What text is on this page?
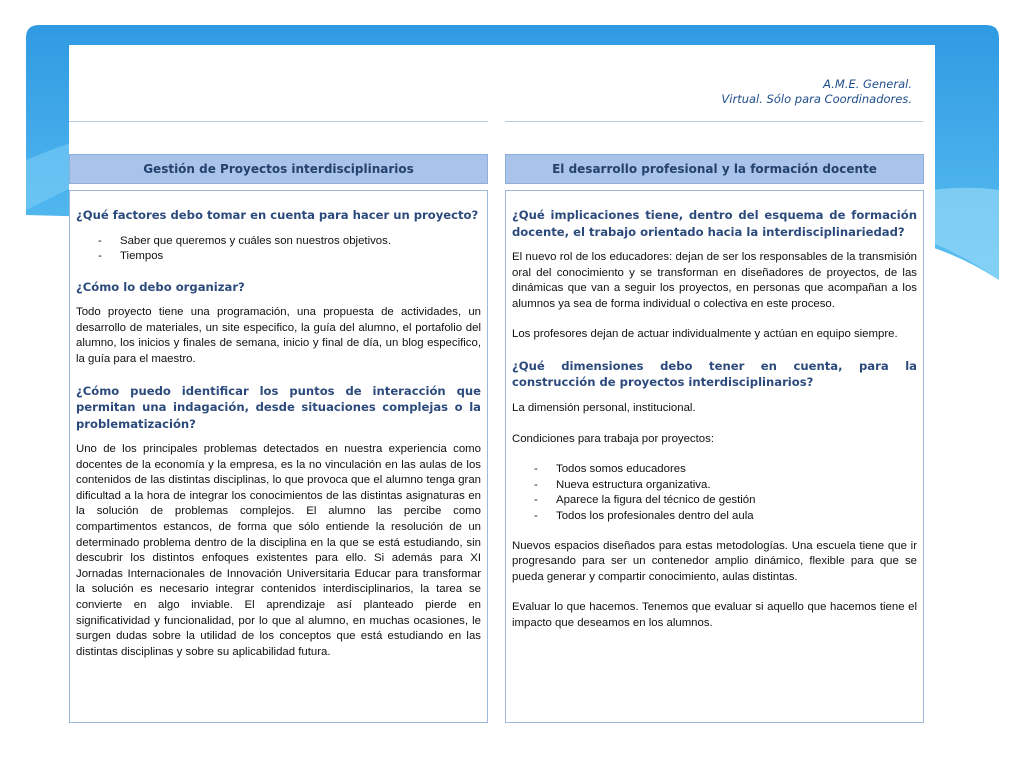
A.M.E. General.
Virtual. Sólo para Coordinadores.
Gestión de Proyectos interdisciplinarios
¿Qué factores debo tomar en cuenta para hacer un proyecto?
- Saber que queremos y cuáles son nuestros objetivos.
- Tiempos
¿Cómo lo debo organizar?

Todo proyecto tiene una programación, una propuesta de actividades, un desarrollo de materiales, un site especifico, la guía del alumno, el portafolio del alumno, los inicios y finales de semana, inicio y final de día, un blog especifico, la guía para el maestro.

¿Cómo puedo identificar los puntos de interacción que permitan una indagación, desde situaciones complejas o la problematización?

Uno de los principales problemas detectados en nuestra experiencia como docentes de la economía y la empresa, es la no vinculación en las aulas de los contenidos de las distintas disciplinas, lo que provoca que el alumno tenga gran dificultad a la hora de integrar los conocimientos de las distintas asignaturas en la solución de problemas complejos. El alumno las percibe como compartimentos estancos, de forma que sólo entiende la resolución de un determinado problema dentro de la disciplina en la que se está estudiando, sin descubrir los distintos enfoques existentes para ello. Si además para XI Jornadas Internacionales de Innovación Universitaria Educar para transformar la solución es necesario integrar contenidos interdisciplinarios, la tarea se convierte en algo inviable. El aprendizaje así planteado pierde en significatividad y funcionalidad, por lo que al alumno, en muchas ocasiones, le surgen dudas sobre la utilidad de los conceptos que está estudiando en las distintas disciplinas y sobre su aplicabilidad futura.

El desarrollo profesional y la formación docente
¿Qué implicaciones tiene, dentro del esquema de formación docente, el trabajo orientado hacia la interdisciplinariedad?

El nuevo rol de los educadores: dejan de ser los responsables de la transmisión oral del conocimiento y se transforman en diseñadores de proyectos, de las dinámicas que van a seguir los proyectos, en personas que acompañan a los alumnos ya sea de forma individual o colectiva en este proceso.

Los profesores dejan de actuar individualmente y actúan en equipo siempre.

¿Qué dimensiones debo tener en cuenta, para la construcción de proyectos interdisciplinarios?

La dimensión personal, institucional.

Condiciones para trabaja por proyectos:

- Todos somos educadores
- Nueva estructura organizativa.
- Aparece la figura del técnico de gestión
- Todos los profesionales dentro del aula

Nuevos espacios diseñados para estas metodologías. Una escuela tiene que ir progresando para ser un contenedor amplio dinámico, flexible para que se pueda generar y compartir conocimiento, aulas distintas.

Evaluar lo que hacemos. Tenemos que evaluar si aquello que hacemos tiene el impacto que deseamos en los alumnos.
